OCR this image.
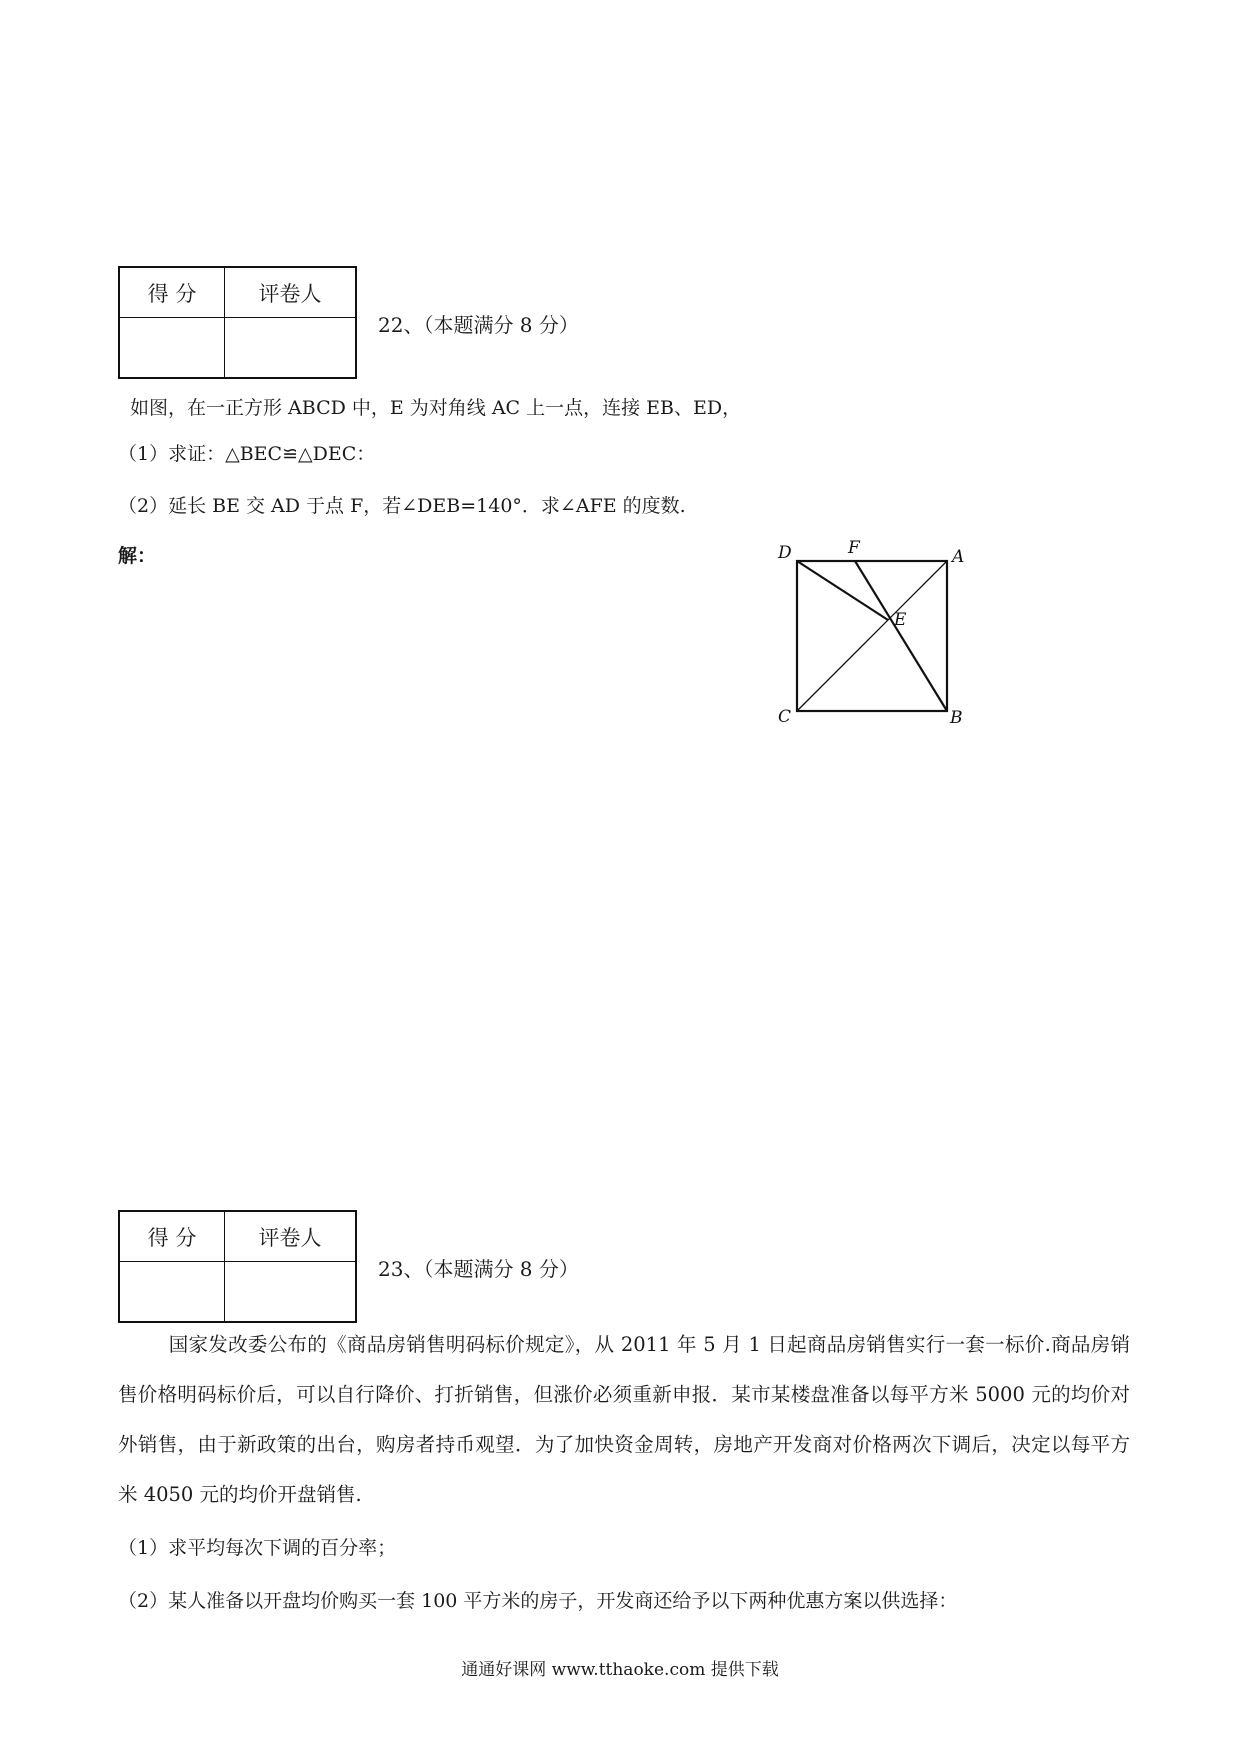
得 分	评卷人

22、（本题满分 8 分）
如图，在一正方形 ABCD 中，E 为对角线 AC 上一点，连接 EB、ED，
（1）求证：△BEC≌△DEC：
（2）延长 BE 交 AD 于点 F，若∠DEB=140°．求∠AFE 的度数.
解：	D	F	A
E
C	B
得 分	评卷人

23、（本题满分 8 分）
国家发改委公布的《商品房销售明码标价规定》，从 2011 年 5 月 1 日起商品房销售实行一套一标价.商品房销售价格明码标价后，可以自行降价、打折销售，但涨价必须重新申报．某市某楼盘准备以每平方米 5000 元的均价对外销售，由于新政策的出台，购房者持币观望．为了加快资金周转，房地产开发商对价格两次下调后，决定以每平方米 4050 元的均价开盘销售.
（1）求平均每次下调的百分率；
（2）某人准备以开盘均价购买一套 100 平方米的房子，开发商还给予以下两种优惠方案以供选择：
通通好课网 www.tthaoke.com 提供下载
